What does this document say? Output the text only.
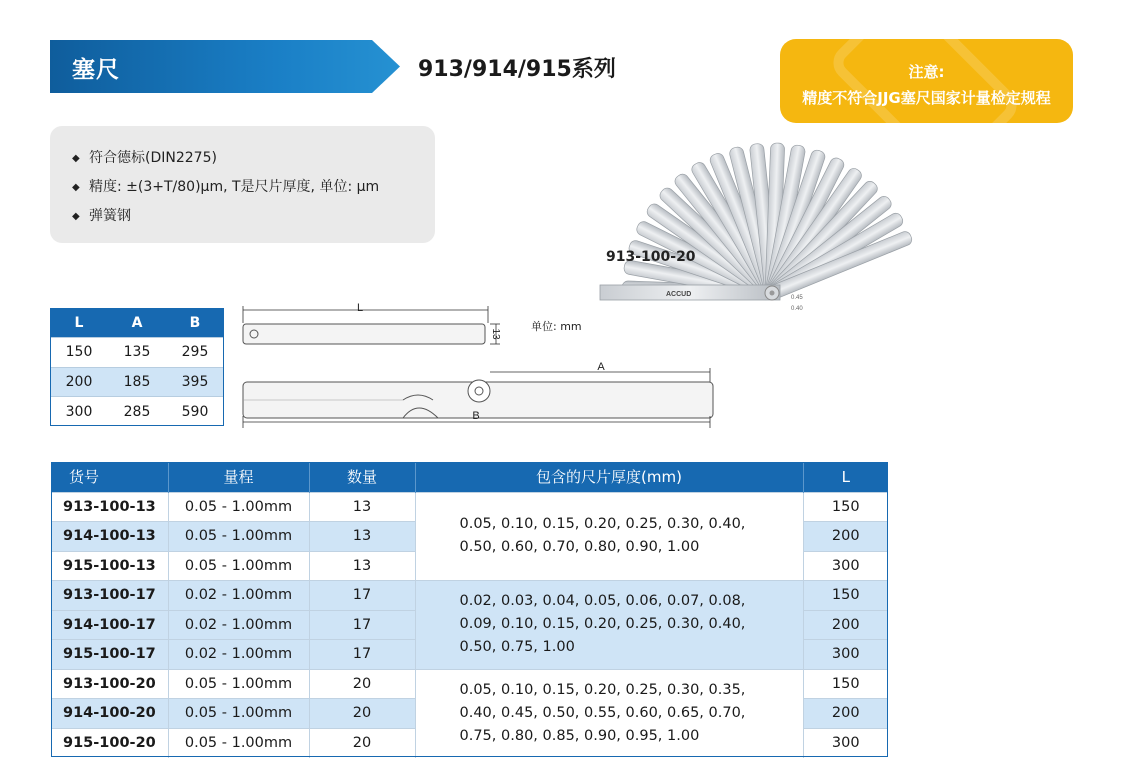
塞尺	913/914/915系列	注意:
精度不符合JJG塞尺国家计量检定规程
◆ 符合德标(DIN2275)
◆ 精度: ±(3+T/80)μm, T是尺片厚度, 单位: μm
◆ 弹簧钢
L	A	B
150	135	295
200	185	395
300	285	590
L
13
A
B
单位: mm
ACCUD	0.45
0.40
913-100-20
货号	量程	数量	包含的尺片厚度(mm)	L
913-100-13	0.05 - 1.00mm	13	0.05, 0.10, 0.15, 0.20, 0.25, 0.30, 0.40,
0.50, 0.60, 0.70, 0.80, 0.90, 1.00	150
914-100-13	0.05 - 1.00mm	13		200
915-100-13	0.05 - 1.00mm	13		300
913-100-17	0.02 - 1.00mm	17	0.02, 0.03, 0.04, 0.05, 0.06, 0.07, 0.08,
0.09, 0.10, 0.15, 0.20, 0.25, 0.30, 0.40,
0.50, 0.75, 1.00	150
914-100-17	0.02 - 1.00mm	17		200
915-100-17	0.02 - 1.00mm	17		300
913-100-20	0.05 - 1.00mm	20	0.05, 0.10, 0.15, 0.20, 0.25, 0.30, 0.35,
0.40, 0.45, 0.50, 0.55, 0.60, 0.65, 0.70,
0.75, 0.80, 0.85, 0.90, 0.95, 1.00	150
914-100-20	0.05 - 1.00mm	20		200
915-100-20	0.05 - 1.00mm	20		300
